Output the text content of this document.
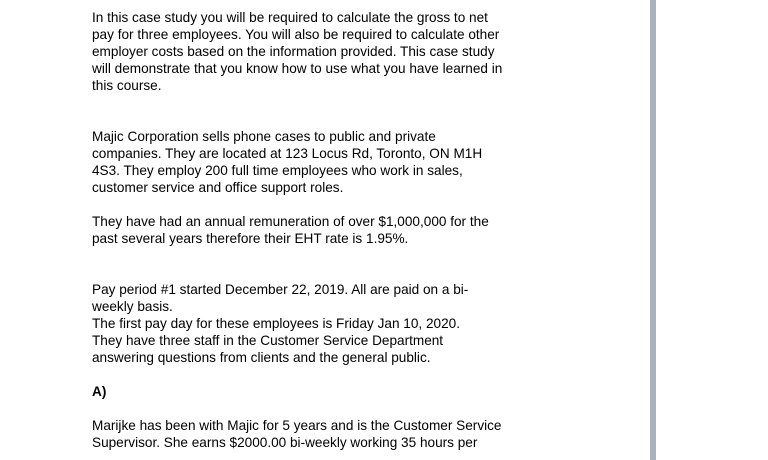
In this case study you will be required to calculate the gross to net
pay for three employees. You will also be required to calculate other
employer costs based on the information provided. This case study
will demonstrate that you know how to use what you have learned in
this course.

Majic Corporation sells phone cases to public and private
companies. They are located at 123 Locus Rd, Toronto, ON M1H
4S3. They employ 200 full time employees who work in sales,
customer service and office support roles.

They have had an annual remuneration of over $1,000,000 for the
past several years therefore their EHT rate is 1.95%.

Pay period #1 started December 22, 2019. All are paid on a bi-
weekly basis.
The first pay day for these employees is Friday Jan 10, 2020.
They have three staff in the Customer Service Department
answering questions from clients and the general public.

A)

Marijke has been with Majic for 5 years and is the Customer Service
Supervisor. She earns $2000.00 bi-weekly working 35 hours per
